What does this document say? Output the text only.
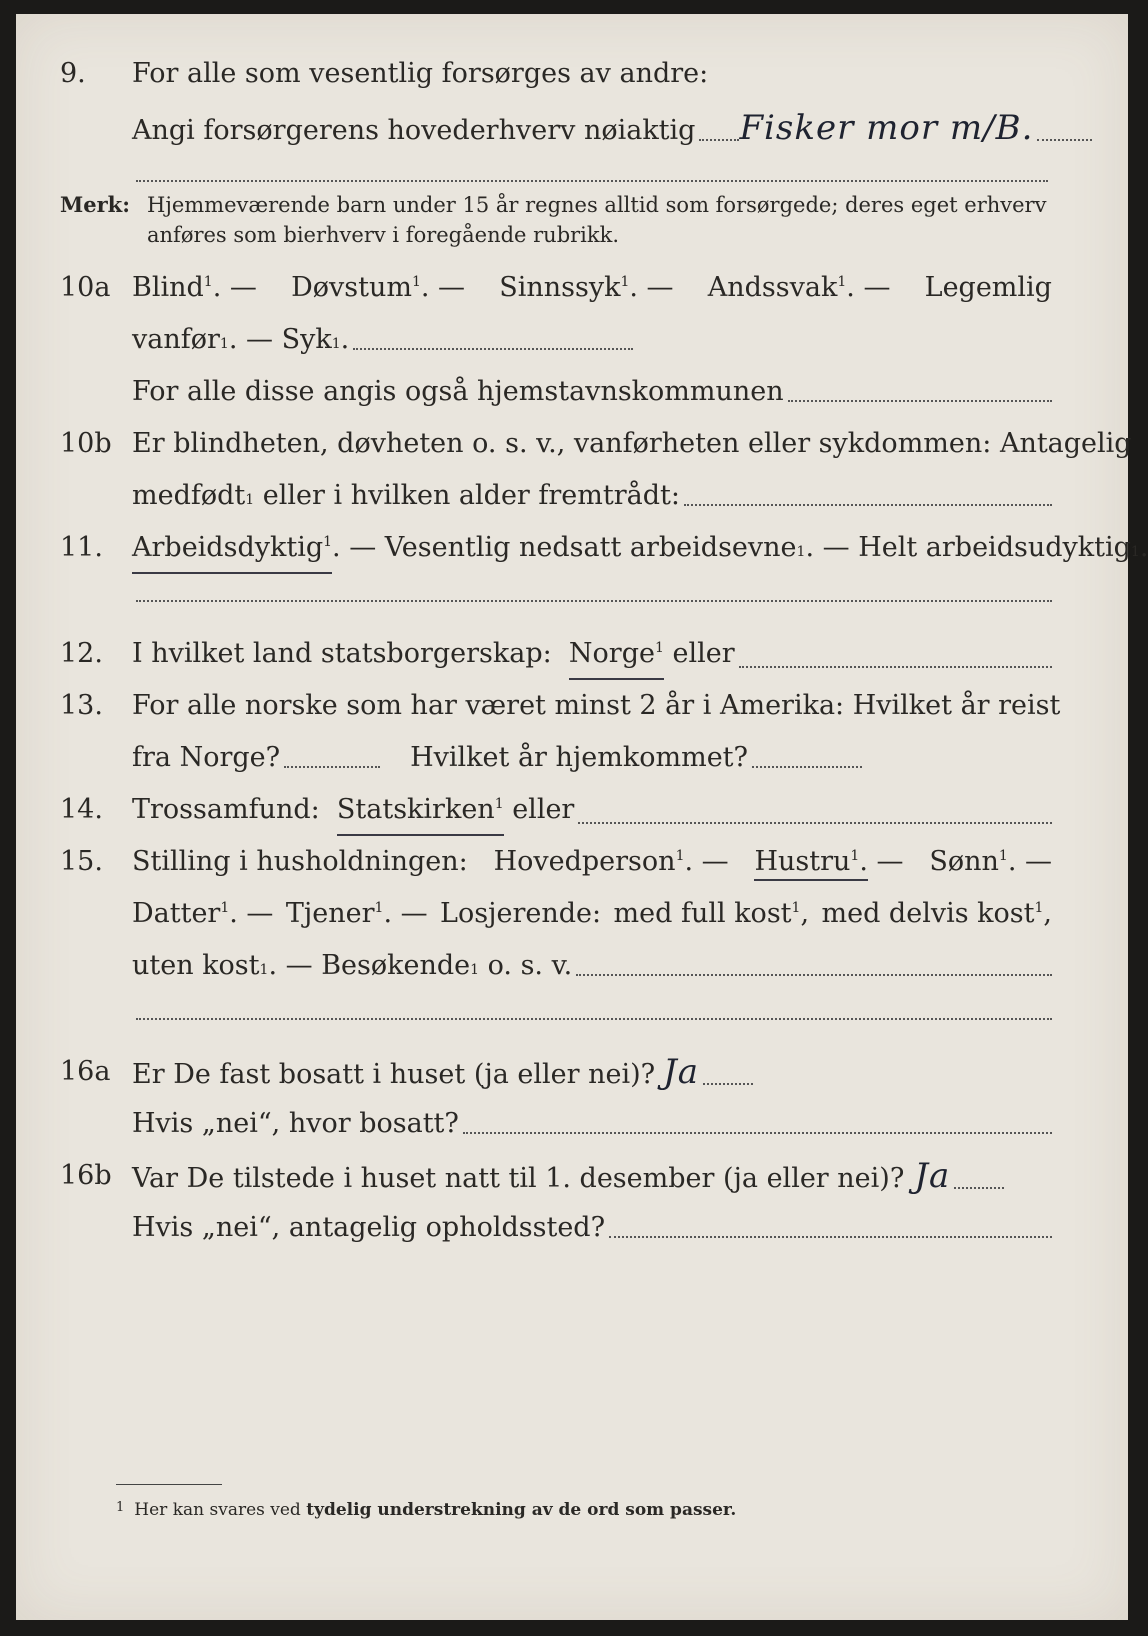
9.	For alle som vesentlig forsørges av andre:
Angi forsørgerens hovederhverv nøiaktig Fisker mor m/B.
Merk: Hjemmeværende barn under 15 år regnes alltid som forsørgede; deres eget erhverv
anføres som bierhverv i foregående rubrikk.
10a Blind$^1$. — Døvstum$^1$. — Sinnssyk$^1$. — Andssvak$^1$. — Legemlig
vanfør 1 . — Syk 1 .
For alle disse angis også hjemstavnskommunen
10b Er blindheten, døvheten o. s. v., vanførheten eller sykdommen: Antagelig
medfødt 1
eller i hvilken alder fremtrådt:
11.	Arbeidsdyktig$^1$ . — Vesentlig nedsatt arbeidsevne 1 . — Helt arbeidsudyktig 1 .
12.	I hvilket land statsborgerskap:
Norge$^1$
eller
13.	For alle norske som har været minst 2 år i Amerika: Hvilket år reist
fra Norge?	Hvilket år hjemkommet?
14.	Trossamfund:
Statskirken$^1$
eller
15.	Stilling i husholdningen: Hovedperson$^1$. — Hustru$^1$. — Sønn$^1$. —
Datter$^1$. — Tjener$^1$. — Losjerende: med full kost$^1$, med delvis kost$^1$,
uten kost 1 . — Besøkende 1
o. s. v.
16a Er De fast bosatt i huset (ja eller nei)? Ja
Hvis „nei“, hvor bosatt?
16b Var De tilstede i huset natt til 1. desember (ja eller nei)? Ja
Hvis „nei“, antagelig opholdssted?
$^1$ Her kan svares ved tydelig understrekning av de ord som passer.
